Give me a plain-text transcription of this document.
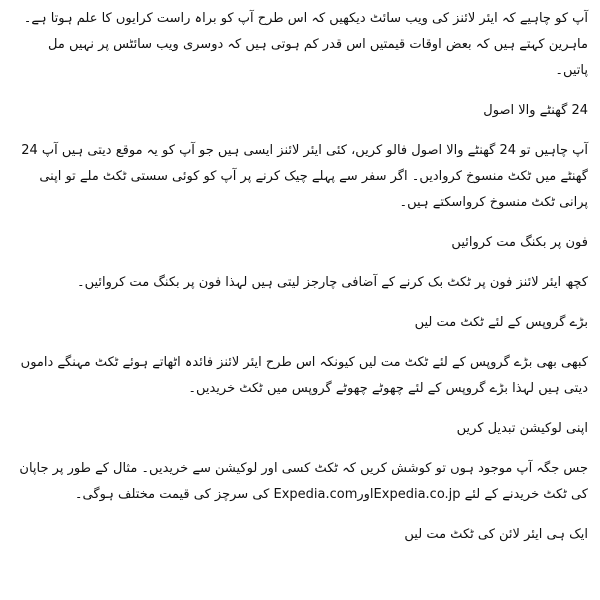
آپ کو چاہیے کہ ایئر لائنز کی ویب سائٹ دیکھیں کہ اس طرح آپ کو براہ راست کرایوں کا علم ہوتا ہے۔ ماہرین کہتے ہیں کہ بعض اوقات قیمتیں اس قدر کم ہوتی ہیں کہ دوسری ویب سائٹس پر نہیں مل پاتیں۔

24 گھنٹے والا اصول

آپ چاہیں تو 24 گھنٹے والا اصول فالو کریں، کئی ایئر لائنز ایسی ہیں جو آپ کو یہ موقع دیتی ہیں آپ 24 گھنٹے میں ٹکٹ منسوخ کروادیں۔ اگر سفر سے پہلے چیک کرنے پر آپ کو کوئی سستی ٹکٹ ملے تو اپنی پرانی ٹکٹ منسوخ کرواسکتے ہیں۔

فون پر بکنگ مت کروائیں

کچھ ایئر لائنز فون پر ٹکٹ بک کرنے کے آضافی چارجز لیتی ہیں لہذا فون پر بکنگ مت کروائیں۔

بڑے گروپس کے لئے ٹکٹ مت لیں

کبھی بھی بڑے گروپس کے لئے ٹکٹ مت لیں کیونکہ اس طرح ایئر لائنز فائدہ اٹھاتے ہوئے ٹکٹ مہنگے داموں دیتی ہیں لہذا بڑے گروپس کے لئے چھوٹے چھوٹے گروپس میں ٹکٹ خریدیں۔

اپنی لوکیشن تبدیل کریں

جس جگہ آپ موجود ہوں تو کوشش کریں کہ ٹکٹ کسی اور لوکیشن سے خریدیں۔ مثال کے طور پر جاپان کی ٹکٹ خریدنے کے لئے Expedia.co.jpاورExpedia.com کی سرچز کی قیمت مختلف ہوگی۔

ایک ہی ایئر لائن کی ٹکٹ مت لیں
